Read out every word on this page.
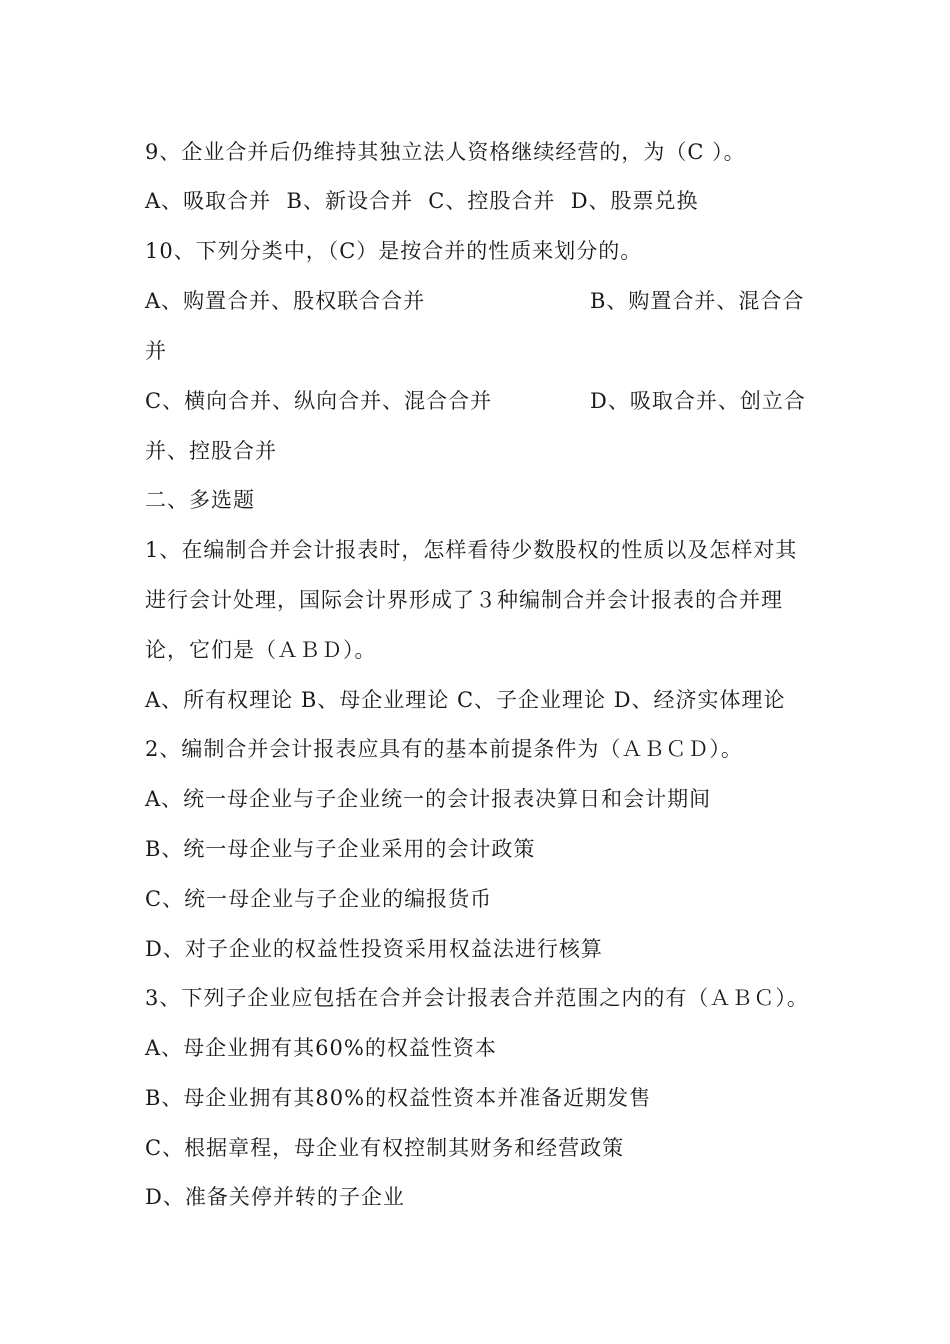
9、企业合并后仍维持其独立法人资格继续经营的，为（C ）。
A、吸取合并  B、新设合并  C、控股合并  D、股票兑换
10、下列分类中，（C）是按合并的性质来划分的。
A、购置合并、股权联合合并	B、购置合并、混合合
并
C、横向合并、纵向合并、混合合并	D、吸取合并、创立合
并、控股合并
二、多选题
1、在编制合并会计报表时，怎样看待少数股权的性质以及怎样对其
进行会计处理，国际会计界形成了３种编制合并会计报表的合并理
论，它们是（ＡＢＤ）。
A、所有权理论 B、母企业理论 C、子企业理论 D、经济实体理论
2、编制合并会计报表应具有的基本前提条件为（ＡＢＣＤ）。
A、统一母企业与子企业统一的会计报表决算日和会计期间
B、统一母企业与子企业采用的会计政策
C、统一母企业与子企业的编报货币
D、对子企业的权益性投资采用权益法进行核算
3、下列子企业应包括在合并会计报表合并范围之内的有（ＡＢＣ）。
A、母企业拥有其60%的权益性资本
B、母企业拥有其80%的权益性资本并准备近期发售
C、根据章程，母企业有权控制其财务和经营政策
D、准备关停并转的子企业
